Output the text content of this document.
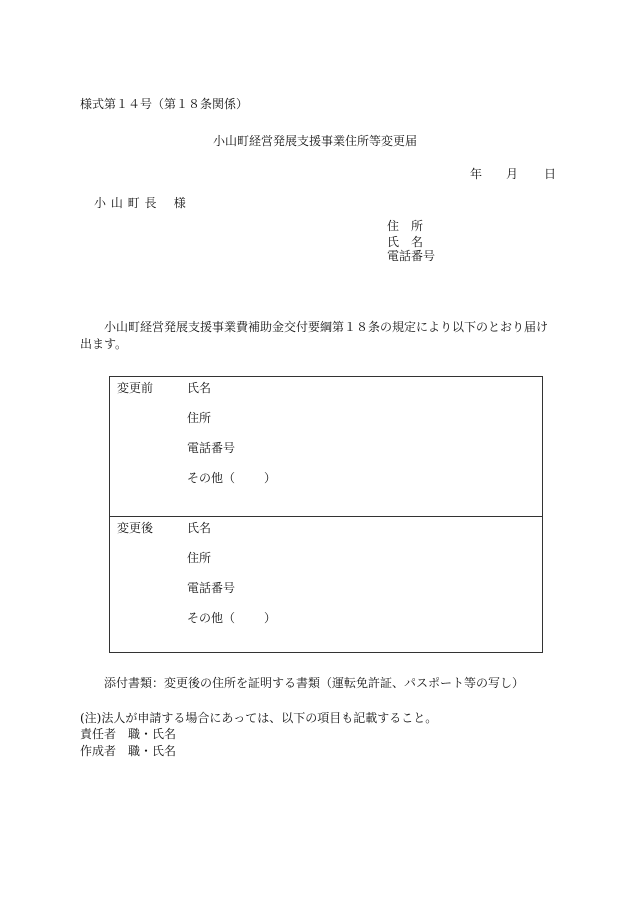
様式第１４号（第１８条関係）
小山町経営発展支援事業住所等変更届
年 月 日
小 山 町 長　 様
住　所
氏　名
電話番号
小山町経営発展支援事業費補助金交付要綱第１８条の規定により以下のとおり届け出ます。
変更前	氏名
住所
電話番号
その他（ ）
変更後	氏名
住所
電話番号
その他（ ）
添付書類：変更後の住所を証明する書類（運転免許証、パスポート等の写し）
(注)法人が申請する場合にあっては、以下の項目も記載すること。
責任者　職・氏名
作成者　職・氏名
